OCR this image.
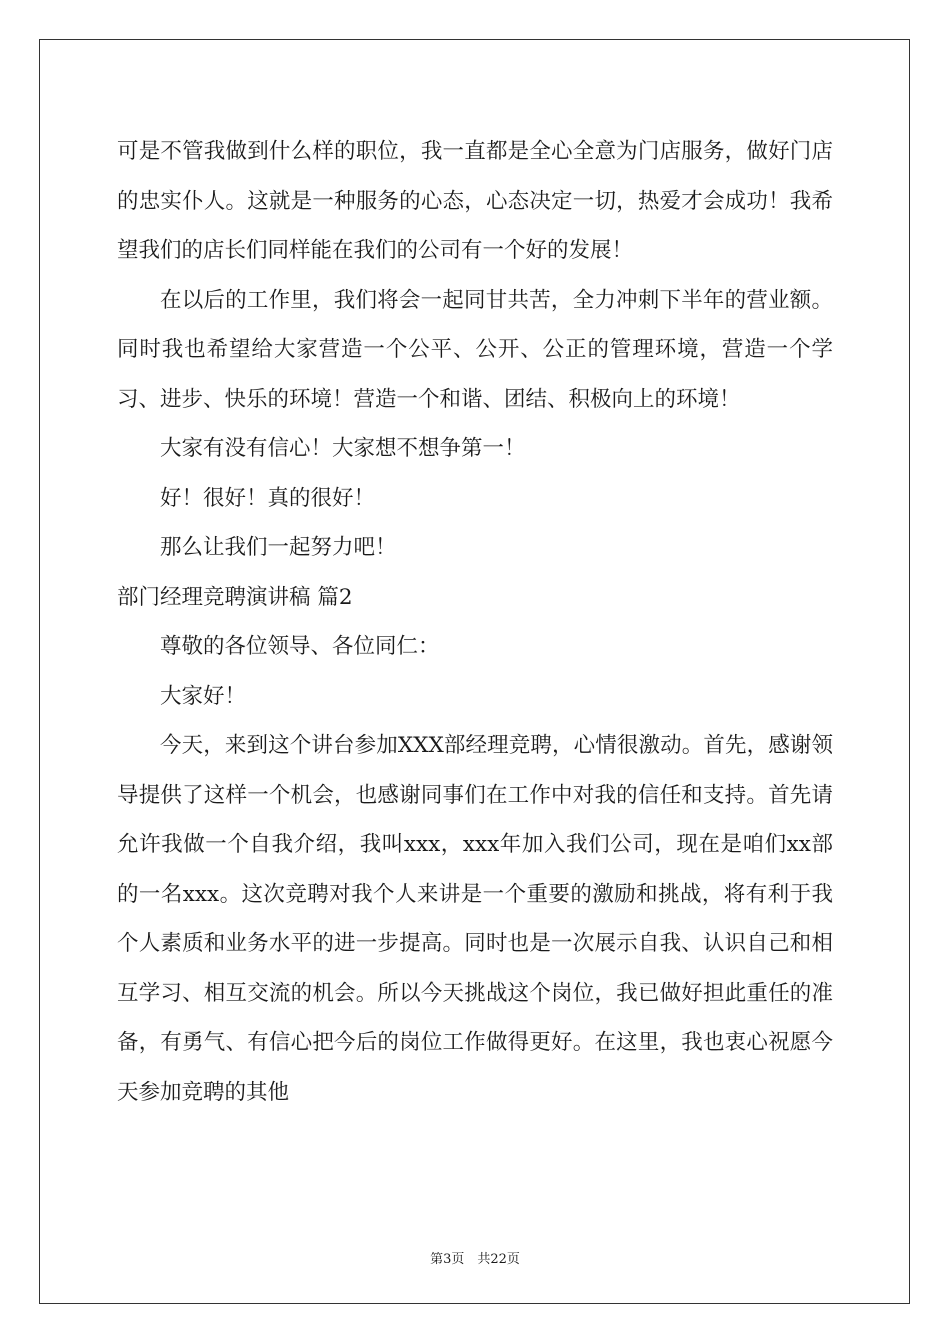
可是不管我做到什么样的职位，我一直都是全心全意为门店服务，做好门店的忠实仆人。这就是一种服务的心态，心态决定一切，热爱才会成功！我希望我们的店长们同样能在我们的公司有一个好的发展！

在以后的工作里，我们将会一起同甘共苦，全力冲刺下半年的营业额。同时我也希望给大家营造一个公平、公开、公正的管理环境，营造一个学习、进步、快乐的环境！营造一个和谐、团结、积极向上的环境！

大家有没有信心！大家想不想争第一！

好！很好！真的很好！

那么让我们一起努力吧！

部门经理竞聘演讲稿 篇2

尊敬的各位领导、各位同仁：

大家好！

今天，来到这个讲台参加XXX部经理竞聘，心情很激动。首先，感谢领导提供了这样一个机会，也感谢同事们在工作中对我的信任和支持。首先请允许我做一个自我介绍，我叫xxx，xxx年加入我们公司，现在是咱们xx部的一名xxx。这次竞聘对我个人来讲是一个重要的激励和挑战，将有利于我个人素质和业务水平的进一步提高。同时也是一次展示自我、认识自己和相互学习、相互交流的机会。所以今天挑战这个岗位，我已做好担此重任的准备，有勇气、有信心把今后的岗位工作做得更好。在这里，我也衷心祝愿今天参加竞聘的其他

第3页　共22页
